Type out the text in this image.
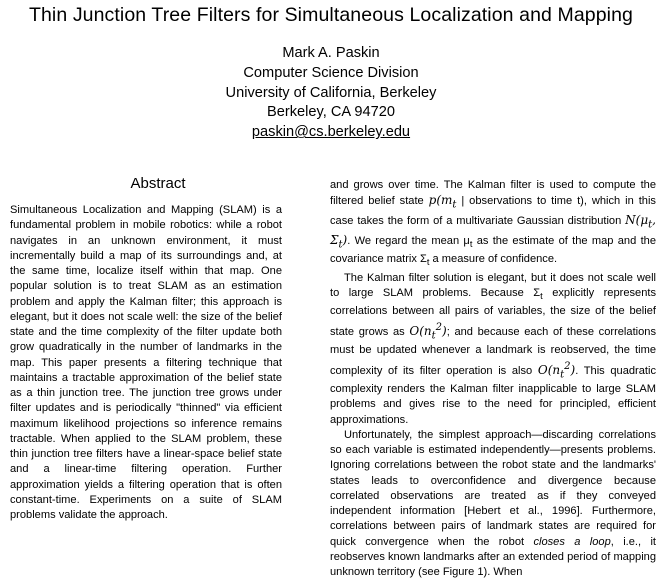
Thin Junction Tree Filters for Simultaneous Localization and Mapping
Mark A. Paskin
Computer Science Division
University of California, Berkeley
Berkeley, CA 94720
paskin@cs.berkeley.edu
Abstract

Simultaneous Localization and Mapping (SLAM) is a fundamental problem in mobile robotics: while a robot navigates in an unknown environment, it must incrementally build a map of its surroundings and, at the same time, localize itself within that map. One popular solution is to treat SLAM as an estimation problem and apply the Kalman filter; this approach is elegant, but it does not scale well: the size of the belief state and the time complexity of the filter update both grow quadratically in the number of landmarks in the map. This paper presents a filtering technique that maintains a tractable approximation of the belief state as a thin junction tree. The junction tree grows under filter updates and is periodically "thinned" via efficient maximum likelihood projections so inference remains tractable. When applied to the SLAM problem, these thin junction tree filters have a linear-space belief state and a linear-time filtering operation. Further approximation yields a filtering operation that is often constant-time. Experiments on a suite of SLAM problems validate the approach.

and grows over time. The Kalman filter is used to compute the filtered belief state $p(m_t$ | observations to time t), which in this case takes the form of a multivariate Gaussian distribution $N(\mu_t$, $\Sigma_t$). We regard the mean $\mu_t$ as the estimate of the map and the covariance matrix $\Sigma_t$ a measure of confidence.

The Kalman filter solution is elegant, but it does not scale well to large SLAM problems. Because $\Sigma_t$ explicitly represents correlations between all pairs of variables, the size of the belief state grows as $O(n_t^2)$; and because each of these correlations must be updated whenever a landmark is reobserved, the time complexity of its filter operation is also $O(n_t^2)$. This quadratic complexity renders the Kalman filter inapplicable to large SLAM problems and gives rise to the need for principled, efficient approximations.

Unfortunately, the simplest approach—discarding correlations so each variable is estimated independently—presents problems. Ignoring correlations between the robot state and the landmarks' states leads to overconfidence and divergence because correlated observations are treated as if they conveyed independent information [Hebert et al., 1996]. Furthermore, correlations between pairs of landmark states are required for quick convergence when the robot closes a loop, i.e., it reobserves known landmarks after an extended period of mapping unknown territory (see Figure 1). When
